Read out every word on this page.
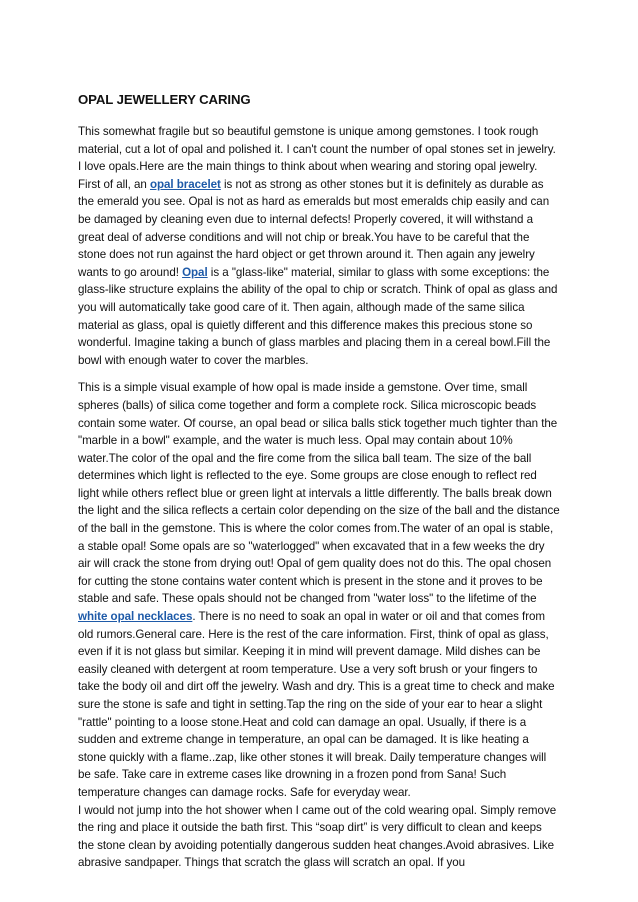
OPAL JEWELLERY CARING

This somewhat fragile but so beautiful gemstone is unique among gemstones. I took rough material, cut a lot of opal and polished it. I can't count the number of opal stones set in jewelry. I love opals.Here are the main things to think about when wearing and storing opal jewelry. First of all, an opal bracelet is not as strong as other stones but it is definitely as durable as the emerald you see. Opal is not as hard as emeralds but most emeralds chip easily and can be damaged by cleaning even due to internal defects! Properly covered, it will withstand a great deal of adverse conditions and will not chip or break.You have to be careful that the stone does not run against the hard object or get thrown around it. Then again any jewelry wants to go around! Opal is a "glass-like" material, similar to glass with some exceptions: the glass-like structure explains the ability of the opal to chip or scratch. Think of opal as glass and you will automatically take good care of it. Then again, although made of the same silica material as glass, opal is quietly different and this difference makes this precious stone so wonderful. Imagine taking a bunch of glass marbles and placing them in a cereal bowl.Fill the bowl with enough water to cover the marbles.

This is a simple visual example of how opal is made inside a gemstone. Over time, small spheres (balls) of silica come together and form a complete rock. Silica microscopic beads contain some water. Of course, an opal bead or silica balls stick together much tighter than the "marble in a bowl" example, and the water is much less. Opal may contain about 10% water.The color of the opal and the fire come from the silica ball team. The size of the ball determines which light is reflected to the eye. Some groups are close enough to reflect red light while others reflect blue or green light at intervals a little differently. The balls break down the light and the silica reflects a certain color depending on the size of the ball and the distance of the ball in the gemstone. This is where the color comes from.The water of an opal is stable, a stable opal! Some opals are so "waterlogged" when excavated that in a few weeks the dry air will crack the stone from drying out! Opal of gem quality does not do this. The opal chosen for cutting the stone contains water content which is present in the stone and it proves to be stable and safe. These opals should not be changed from "water loss" to the lifetime of the white opal necklaces. There is no need to soak an opal in water or oil and that comes from old rumors.General care. Here is the rest of the care information. First, think of opal as glass, even if it is not glass but similar. Keeping it in mind will prevent damage. Mild dishes can be easily cleaned with detergent at room temperature. Use a very soft brush or your fingers to take the body oil and dirt off the jewelry. Wash and dry. This is a great time to check and make sure the stone is safe and tight in setting.Tap the ring on the side of your ear to hear a slight "rattle" pointing to a loose stone.Heat and cold can damage an opal. Usually, if there is a sudden and extreme change in temperature, an opal can be damaged. It is like heating a stone quickly with a flame..zap, like other stones it will break. Daily temperature changes will be safe. Take care in extreme cases like drowning in a frozen pond from Sana! Such temperature changes can damage rocks. Safe for everyday wear.

I would not jump into the hot shower when I came out of the cold wearing opal. Simply remove the ring and place it outside the bath first. This “soap dirt” is very difficult to clean and keeps the stone clean by avoiding potentially dangerous sudden heat changes.Avoid abrasives. Like abrasive sandpaper. Things that scratch the glass will scratch an opal. If you
